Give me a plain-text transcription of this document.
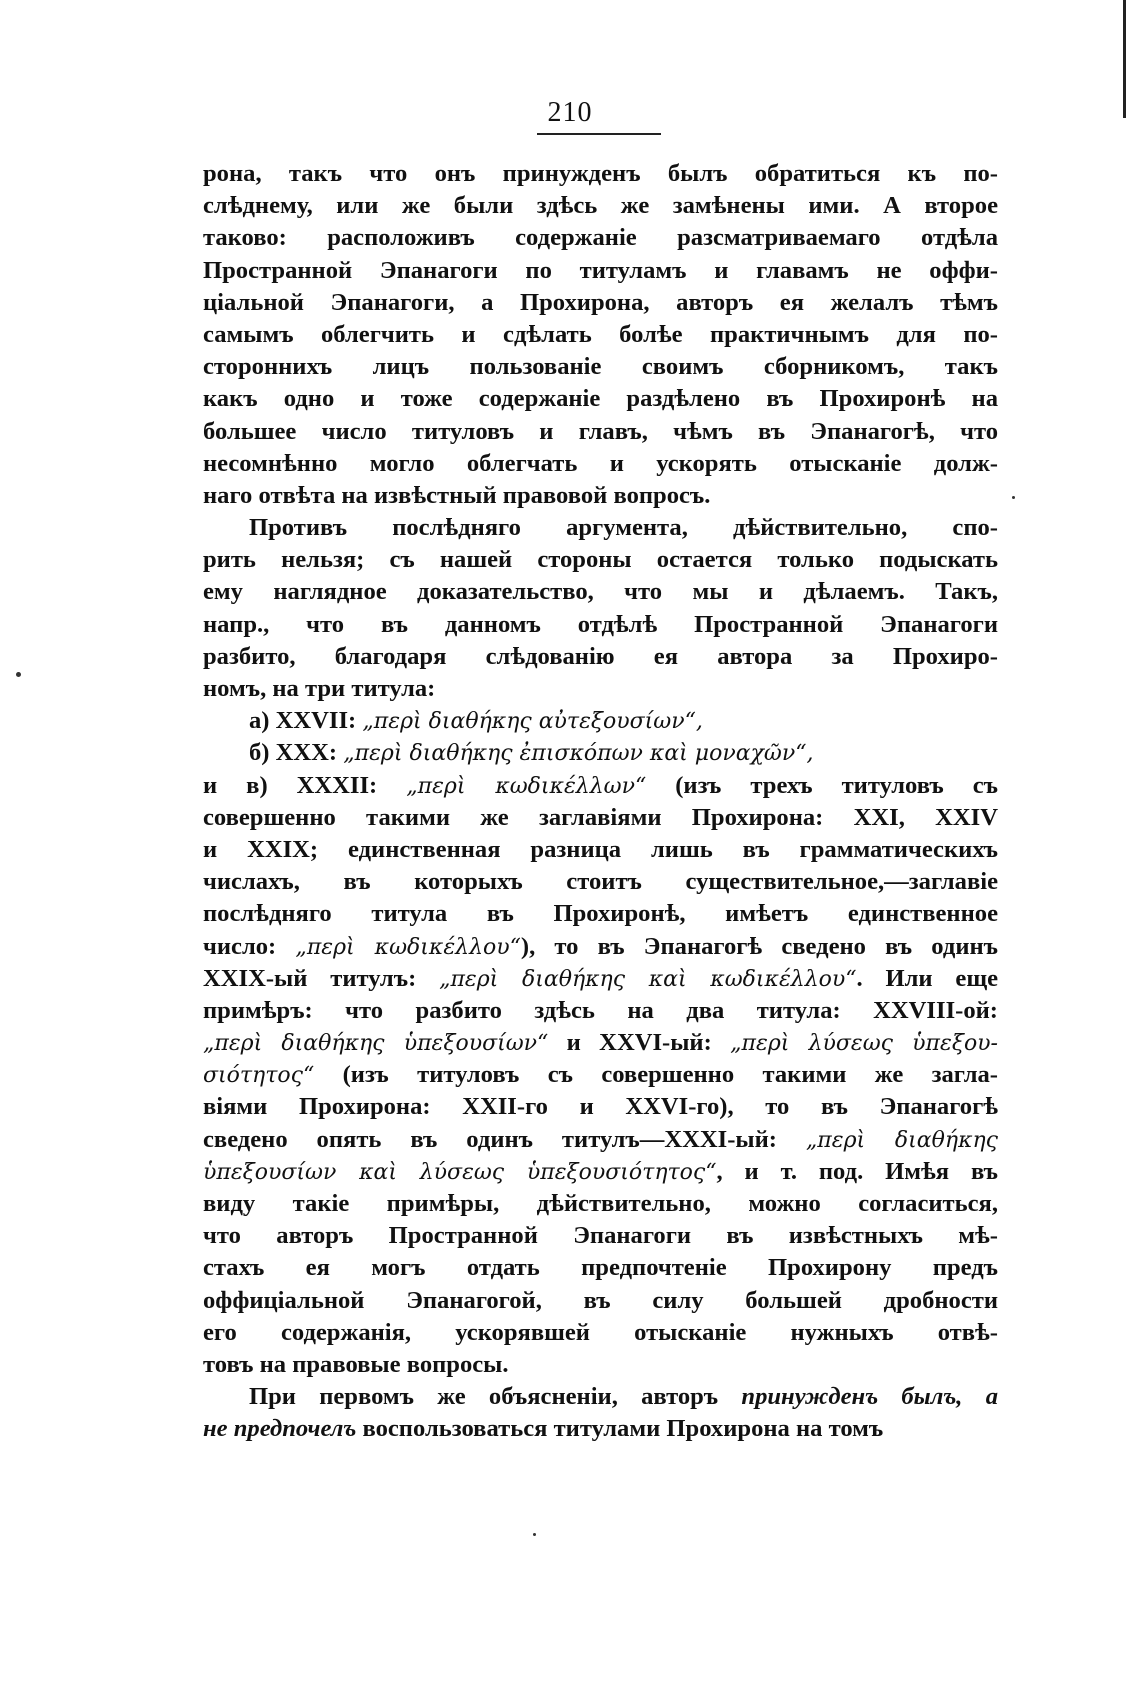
210
рона, такъ что онъ принужденъ былъ обратиться къ по-
слѣднему, или же были здѣсь же замѣнены ими. А второе
таково: расположивъ содержаніе разсматриваемаго отдѣла
Пространной Эпанагоги по титуламъ и главамъ не оффи-
ціальной Эпанагоги, а Прохирона, авторъ ея желалъ тѣмъ
самымъ облегчить и сдѣлать болѣе практичнымъ для по-
стороннихъ лицъ пользованіе своимъ сборникомъ, такъ
какъ одно и тоже содержаніе раздѣлено въ Прохиронѣ на
большее число титуловъ и главъ, чѣмъ въ Эпанагогѣ, что
несомнѣнно могло облегчать и ускорять отысканіе долж-
наго отвѣта на извѣстный правовой вопросъ.
Противъ послѣдняго аргумента, дѣйствительно, спо-
рить нельзя; съ нашей стороны остается только подыскать
ему наглядное доказательство, что мы и дѣлаемъ. Такъ,
напр., что въ данномъ отдѣлѣ Пространной Эпанагоги
разбито, благодаря слѣдованію ея автора за Прохиро-
номъ, на три титула:
а) XXVII: „περὶ διαθήκης αὐτεξουσίων“,
б) XXX: „περὶ διαθήκης ἐπισκόπων καὶ μοναχῶν“,
и в) XXXII: „περὶ κωδικέλλων“ (изъ трехъ титуловъ съ
совершенно такими же заглавіями Прохирона: XXI, XXIV
и XXIX; единственная разница лишь въ грамматическихъ
числахъ, въ которыхъ стоитъ существительное,—заглавіе
послѣдняго титула въ Прохиронѣ, имѣетъ единственное
число: „περὶ κωδικέλλου“), то въ Эпанагогѣ сведено въ одинъ
XXIX-ый титулъ: „περὶ διαθήκης καὶ κωδικέλλου“. Или еще
примѣръ: что разбито здѣсь на два титула: XXVIII-ой:
„περὶ διαθήκης ὑπεξουσίων“ и XXVI-ый: „περὶ λύσεως ὑπεξου-
σιότητος“ (изъ титуловъ съ совершенно такими же загла-
віями Прохирона: XXII-го и XXVI-го), то въ Эпанагогѣ
сведено опять въ одинъ титулъ—XXXI-ый: „περὶ διαθήκης
ὑπεξουσίων καὶ λύσεως ὑπεξουσιότητος“, и т. под. Имѣя въ
виду такіе примѣры, дѣйствительно, можно согласиться,
что авторъ Пространной Эпанагоги въ извѣстныхъ мѣ-
стахъ ея могъ отдать предпочтеніе Прохирону предъ
оффиціальной Эпанагогой, въ силу большей дробности
его содержанія, ускорявшей отысканіе нужныхъ отвѣ-
товъ на правовые вопросы.
При первомъ же объясненіи, авторъ принужденъ былъ, а
не предпочелъ воспользоваться титулами Прохирона на томъ
